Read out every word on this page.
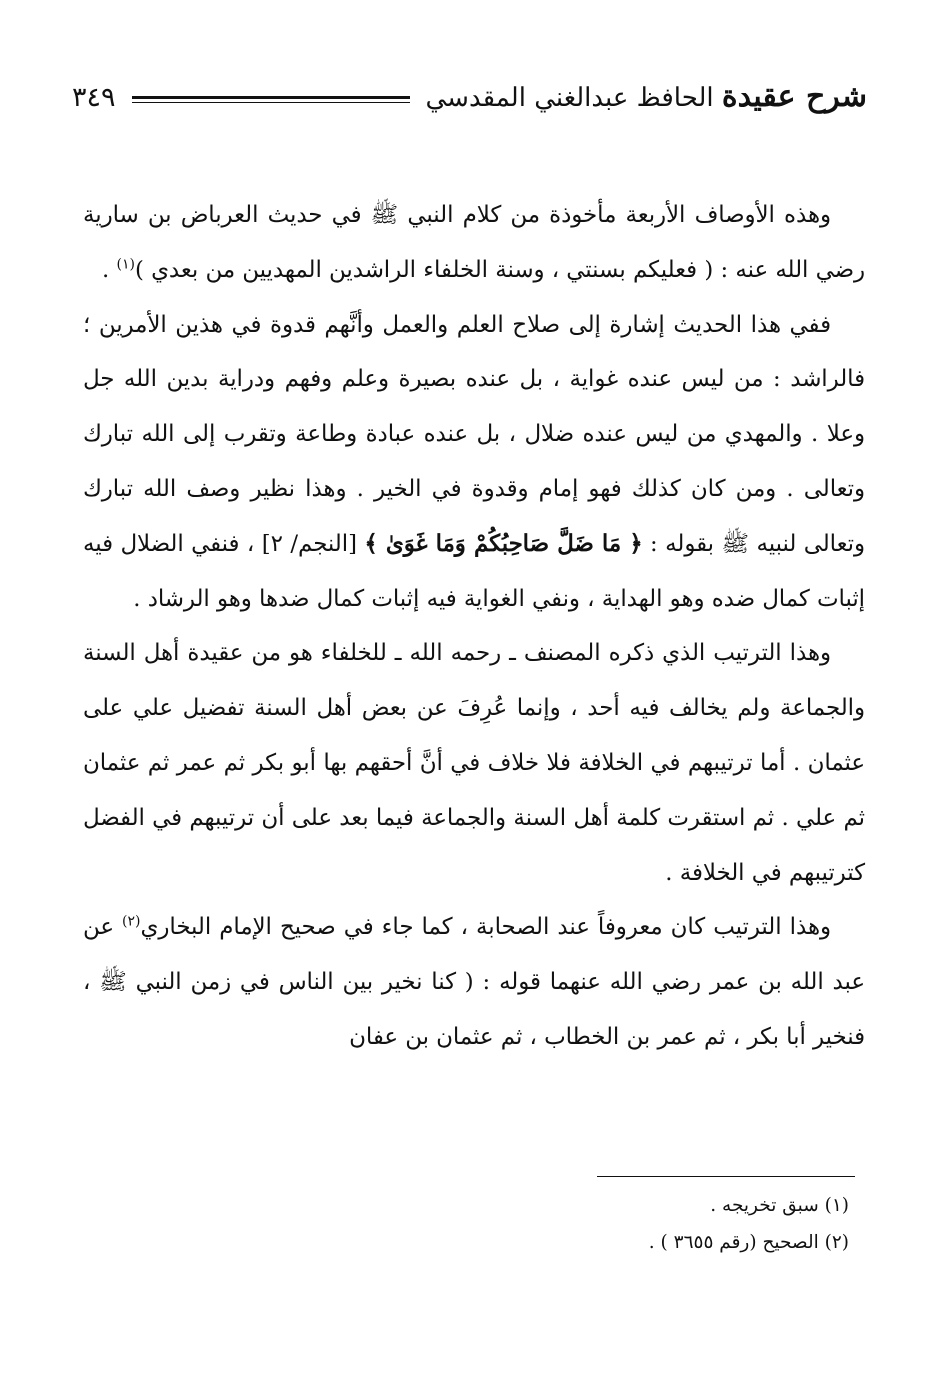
شرح عقيدة الحافظ عبدالغني المقدسي
٣٤٩

وهذه الأوصاف الأربعة مأخوذة من كلام النبي ﷺ في حديث العرباض بن سارية رضي الله عنه : ( فعليكم بسنتي ، وسنة الخلفاء الراشدين المهديين من بعدي )$^{(١)}$ .

ففي هذا الحديث إشارة إلى صلاح العلم والعمل وأنَّهم قدوة في هذين الأمرين ؛ فالراشد : من ليس عنده غواية ، بل عنده بصيرة وعلم وفهم ودراية بدين الله جل وعلا . والمهدي من ليس عنده ضلال ، بل عنده عبادة وطاعة وتقرب إلى الله تبارك وتعالى . ومن كان كذلك فهو إمام وقدوة في الخير . وهذا نظير وصف الله تبارك وتعالى لنبيه ﷺ بقوله : ﴿ مَا ضَلَّ صَاحِبُكُمْ وَمَا غَوَىٰ ﴾ [النجم/ ٢] ، فنفي الضلال فيه إثبات كمال ضده وهو الهداية ، ونفي الغواية فيه إثبات كمال ضدها وهو الرشاد .

وهذا الترتيب الذي ذكره المصنف ـ رحمه الله ـ للخلفاء هو من عقيدة أهل السنة والجماعة ولم يخالف فيه أحد ، وإنما عُرِفَ عن بعض أهل السنة تفضيل علي على عثمان . أما ترتيبهم في الخلافة فلا خلاف في أنَّ أحقهم بها أبو بكر ثم عمر ثم عثمان ثم علي . ثم استقرت كلمة أهل السنة والجماعة فيما بعد على أن ترتيبهم في الفضل كترتيبهم في الخلافة .

وهذا الترتيب كان معروفاً عند الصحابة ، كما جاء في صحيح الإمام البخاري$^{(٢)}$ عن عبد الله بن عمر رضي الله عنهما قوله : ( كنا نخير بين الناس في زمن النبي ﷺ ، فنخير أبا بكر ، ثم عمر بن الخطاب ، ثم عثمان بن عفان

(١) سبق تخريجه .

(٢) الصحيح (رقم ٣٦٥٥ ) .
